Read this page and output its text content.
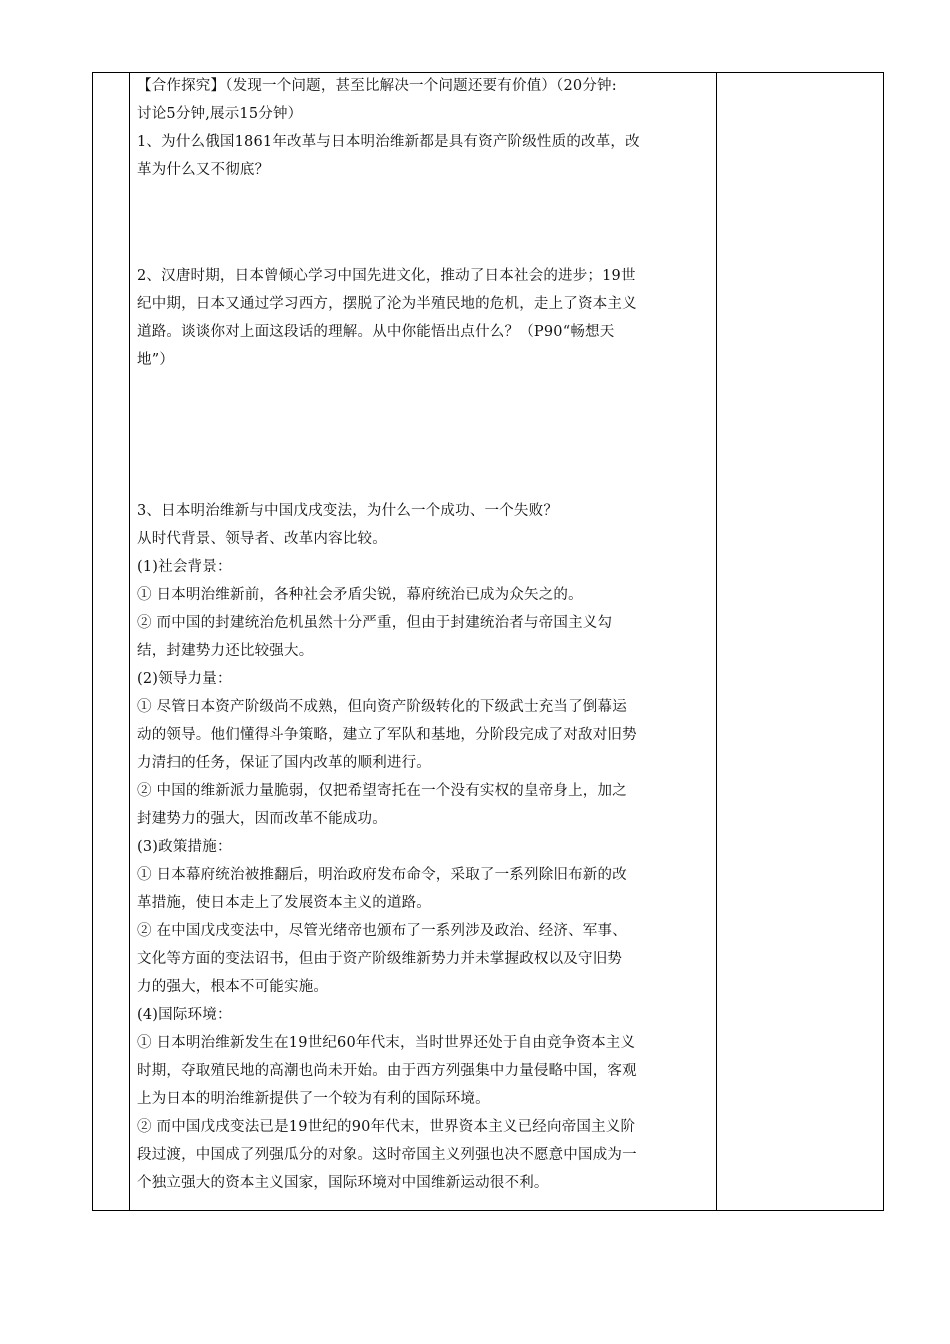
【合作探究】（发现一个问题，甚至比解决一个问题还要有价值）（20分钟:
讨论5分钟,展示15分钟）
1、为什么俄国1861年改革与日本明治维新都是具有资产阶级性质的改革，改
革为什么又不彻底？
2、汉唐时期，日本曾倾心学习中国先进文化，推动了日本社会的进步；19世
纪中期，日本又通过学习西方，摆脱了沦为半殖民地的危机，走上了资本主义
道路。谈谈你对上面这段话的理解。从中你能悟出点什么？（P90“畅想天
地”）
3、日本明治维新与中国戊戌变法，为什么一个成功、一个失败？
从时代背景、领导者、改革内容比较。
(1)社会背景：
① 日本明治维新前，各种社会矛盾尖锐，幕府统治已成为众矢之的。
② 而中国的封建统治危机虽然十分严重，但由于封建统治者与帝国主义勾
结，封建势力还比较强大。
(2)领导力量：
① 尽管日本资产阶级尚不成熟，但向资产阶级转化的下级武士充当了倒幕运
动的领导。他们懂得斗争策略，建立了军队和基地，分阶段完成了对敌对旧势
力清扫的任务，保证了国内改革的顺利进行。
② 中国的维新派力量脆弱，仅把希望寄托在一个没有实权的皇帝身上，加之
封建势力的强大，因而改革不能成功。
(3)政策措施：
① 日本幕府统治被推翻后，明治政府发布命令，采取了一系列除旧布新的改
革措施，使日本走上了发展资本主义的道路。
② 在中国戊戌变法中，尽管光绪帝也颁布了一系列涉及政治、经济、军事、
文化等方面的变法诏书，但由于资产阶级维新势力并未掌握政权以及守旧势
力的强大，根本不可能实施。
(4)国际环境：
① 日本明治维新发生在19世纪60年代末，当时世界还处于自由竞争资本主义
时期，夺取殖民地的高潮也尚未开始。由于西方列强集中力量侵略中国，客观
上为日本的明治维新提供了一个较为有利的国际环境。
② 而中国戊戌变法已是19世纪的90年代末，世界资本主义已经向帝国主义阶
段过渡，中国成了列强瓜分的对象。这时帝国主义列强也决不愿意中国成为一
个独立强大的资本主义国家，国际环境对中国维新运动很不利。
